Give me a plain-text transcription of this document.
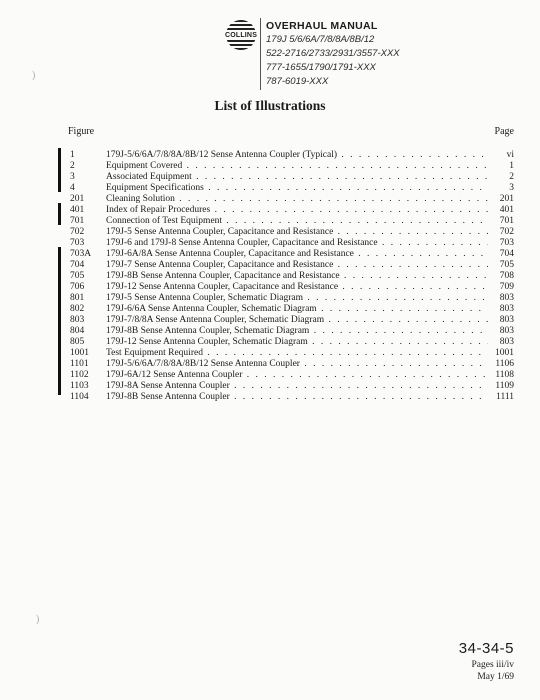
COLLINS
OVERHAUL MANUAL
179J 5/6/6A/7/8/8A/8B/12
522-2716/2733/2931/3557-XXX
777-1655/1790/1791-XXX
787-6019-XXX
)
)
List of Illustrations
Figure	Page
1	179J-5/6/6A/7/8/8A/8B/12 Sense Antenna Coupler (Typical) . . .	vi
2	Equipment Covered . . .	1
3	Associated Equipment . . .	2
4	Equipment Specifications . . .	3
201 Cleaning Solution . . .	201
401 Index of Repair Procedures . . .	401
701 Connection of Test Equipment . . .	701
702 179J-5 Sense Antenna Coupler, Capacitance and Resistance . . .	702
703 179J-6 and 179J-8 Sense Antenna Coupler, Capacitance and Resistance . . .	703
703A 179J-6A/8A Sense Antenna Coupler, Capacitance and Resistance . . .	704
704 179J-7 Sense Antenna Coupler, Capacitance and Resistance . . .	705
705 179J-8B Sense Antenna Coupler, Capacitance and Resistance . . .	708
706 179J-12 Sense Antenna Coupler, Capacitance and Resistance . . .	709
801 179J-5 Sense Antenna Coupler, Schematic Diagram . . .	803
802 179J-6/6A Sense Antenna Coupler, Schematic Diagram . . .	803
803 179J-7/8/8A Sense Antenna Coupler, Schematic Diagram . . .	803
804 179J-8B Sense Antenna Coupler, Schematic Diagram . . .	803
805 179J-12 Sense Antenna Coupler, Schematic Diagram . . .	803
1001 Test Equipment Required . . .	1001
1101 179J-5/6/6A/7/8/8A/8B/12 Sense Antenna Coupler . . .	1106
1102 179J-6A/12 Sense Antenna Coupler . . .	1108
1103 179J-8A Sense Antenna Coupler . . .	1109
1104 179J-8B Sense Antenna Coupler . . .	1111
34-34-5
Pages iii/iv
May 1/69
